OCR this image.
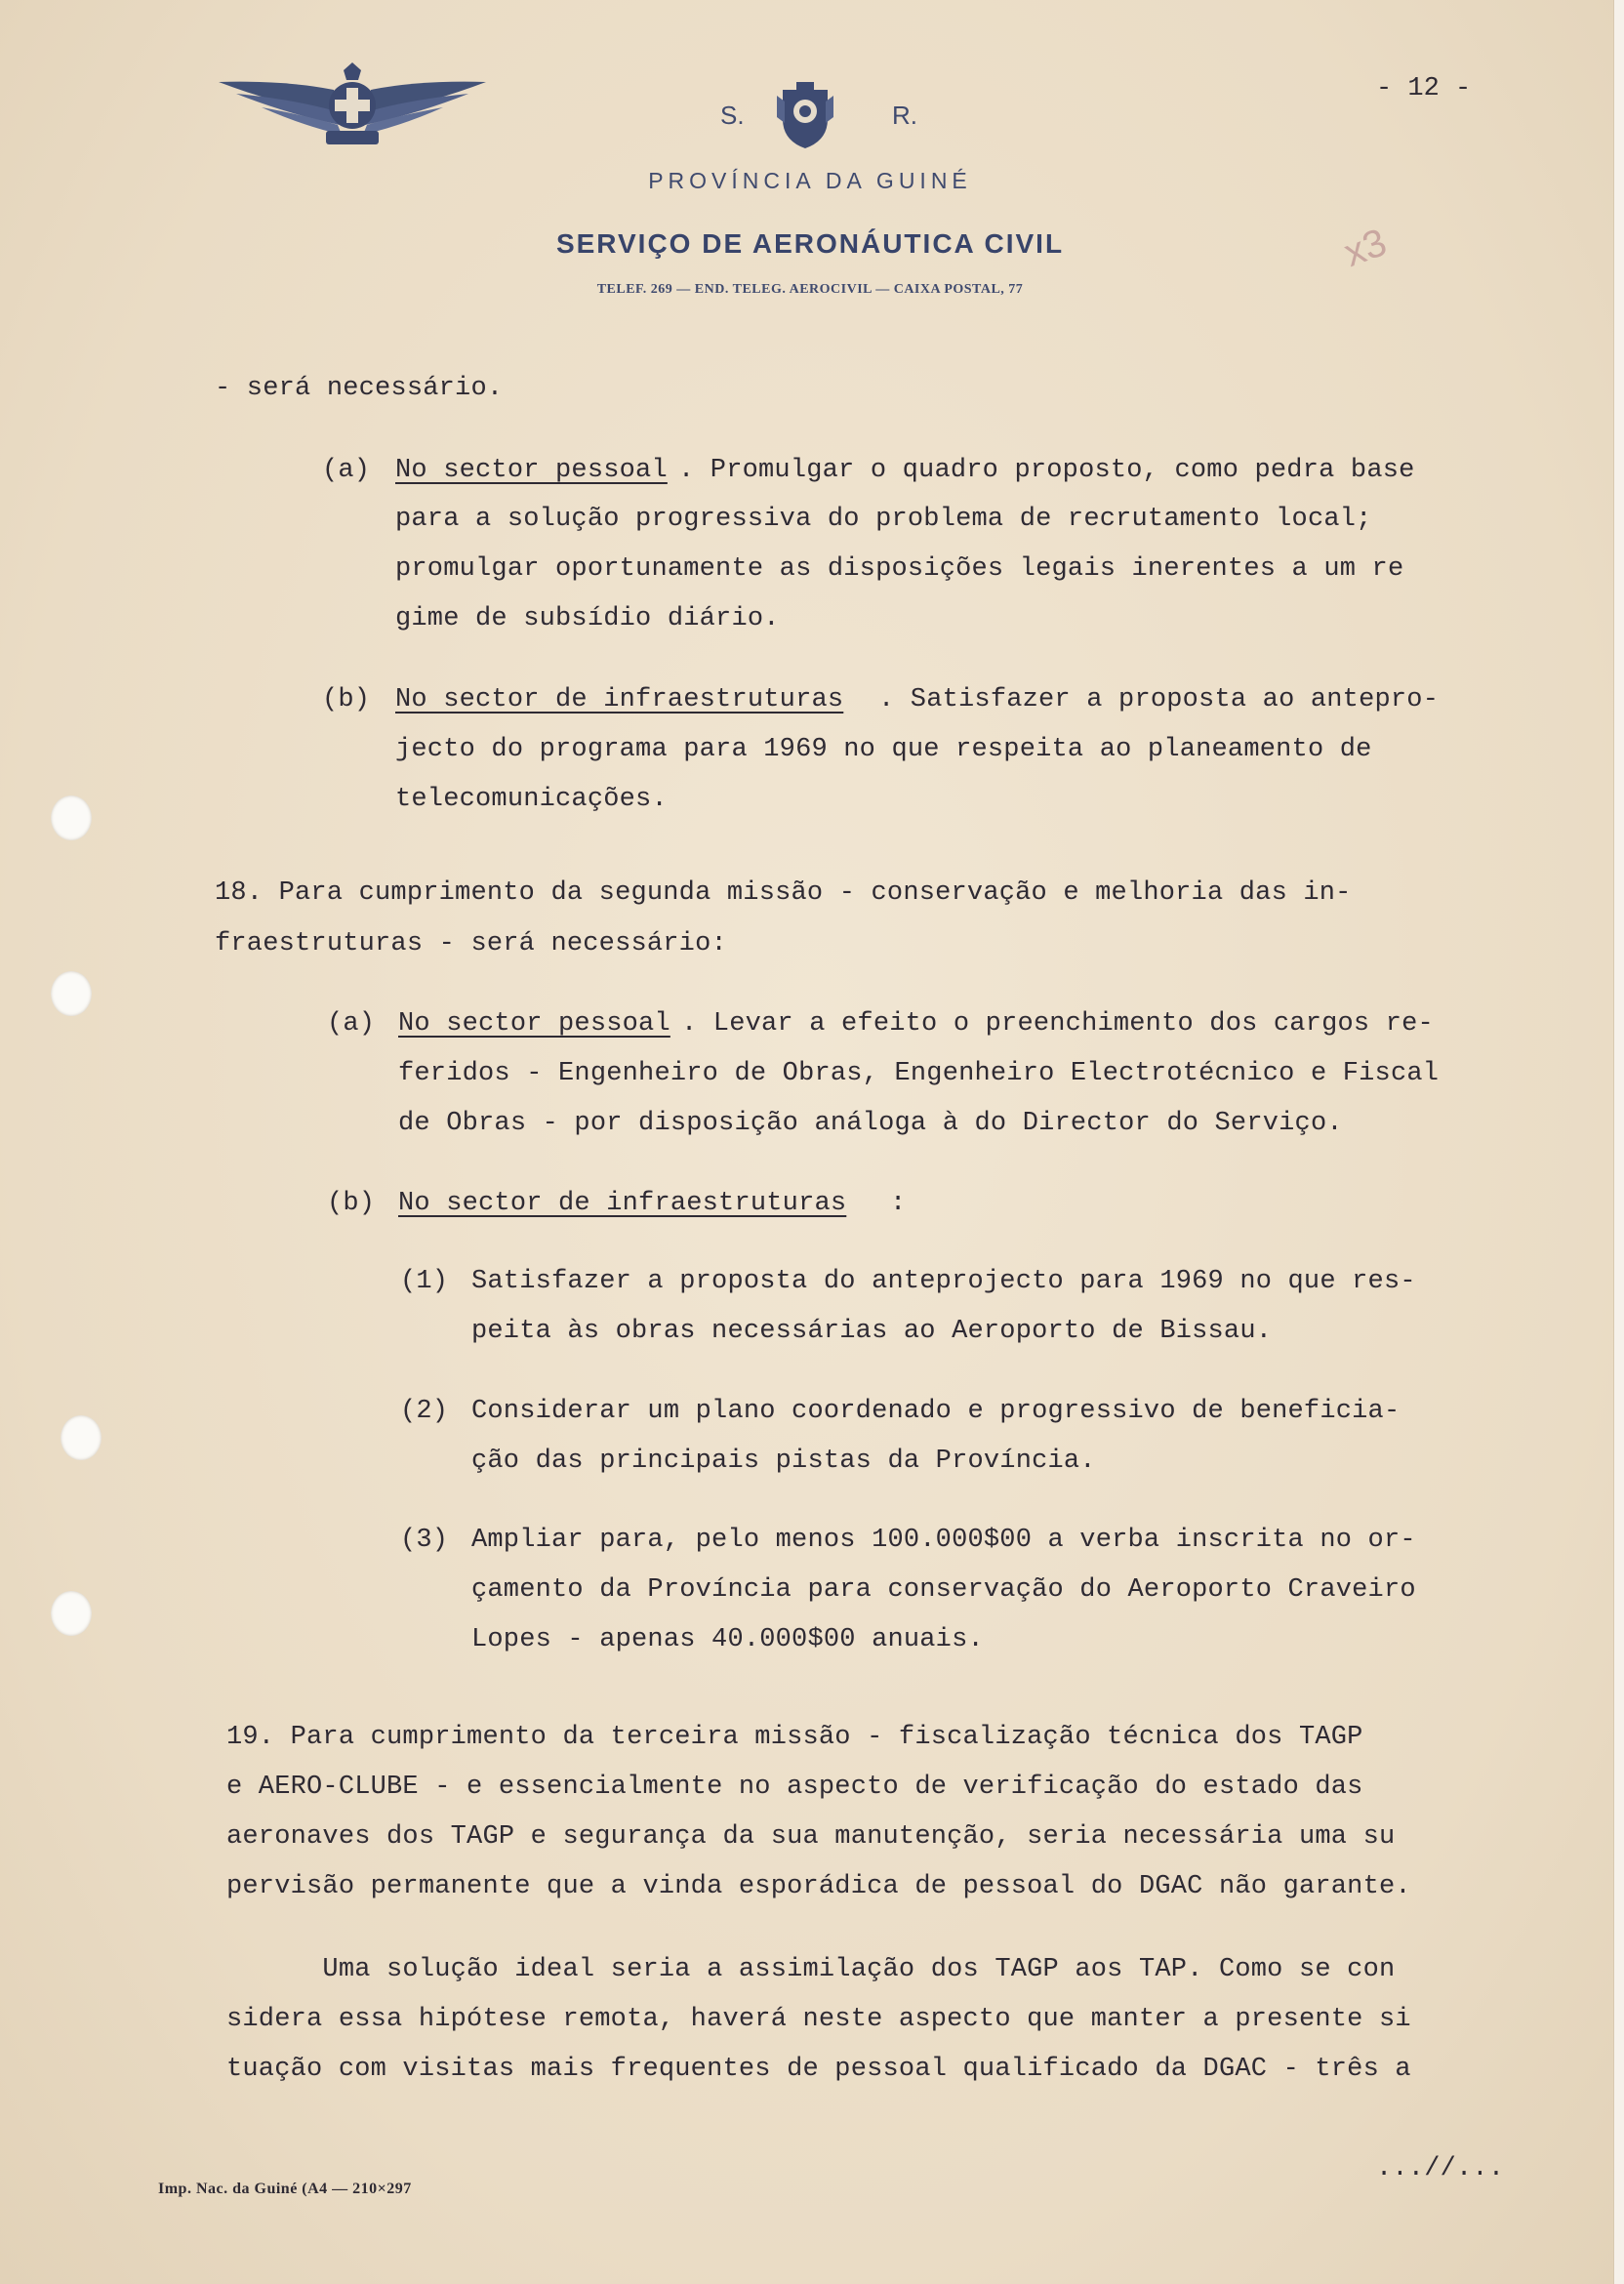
S.	R.
- 12 -
PROVÍNCIA DA GUINÉ
SERVIÇO DE AERONÁUTICA CIVIL
TELEF. 269 — END. TELEG. AEROCIVIL — CAIXA POSTAL, 77
x3
- será necessário.
(a) No sector pessoal . Promulgar o quadro proposto, como pedra base
para a solução progressiva do problema de recrutamento local;
promulgar oportunamente as disposições legais inerentes a um re
gime de subsídio diário.
(b) No sector de infraestruturas . Satisfazer a proposta ao antepro-
jecto do programa para 1969 no que respeita ao planeamento de
telecomunicações.
18. Para cumprimento da segunda missão - conservação e melhoria das in-
fraestruturas - será necessário:
(a) No sector pessoal . Levar a efeito o preenchimento dos cargos re-
feridos - Engenheiro de Obras, Engenheiro Electrotécnico e Fiscal
de Obras - por disposição análoga à do Director do Serviço.
(b) No sector de infraestruturas :
(1) Satisfazer a proposta do anteprojecto para 1969 no que res-
peita às obras necessárias ao Aeroporto de Bissau.
(2) Considerar um plano coordenado e progressivo de beneficia-
ção das principais pistas da Província.
(3) Ampliar para, pelo menos 100.000$00 a verba inscrita no or-
çamento da Província para conservação do Aeroporto Craveiro
Lopes - apenas 40.000$00 anuais.
19. Para cumprimento da terceira missão - fiscalização técnica dos TAGP
e AERO-CLUBE - e essencialmente no aspecto de verificação do estado das
aeronaves dos TAGP e segurança da sua manutenção, seria necessária uma su
pervisão permanente que a vinda esporádica de pessoal do DGAC não garante.
Uma solução ideal seria a assimilação dos TAGP aos TAP. Como se con
sidera essa hipótese remota, haverá neste aspecto que manter a presente si
tuação com visitas mais frequentes de pessoal qualificado da DGAC - três a
...//...
Imp. Nac. da Guiné (A4 — 210×297
